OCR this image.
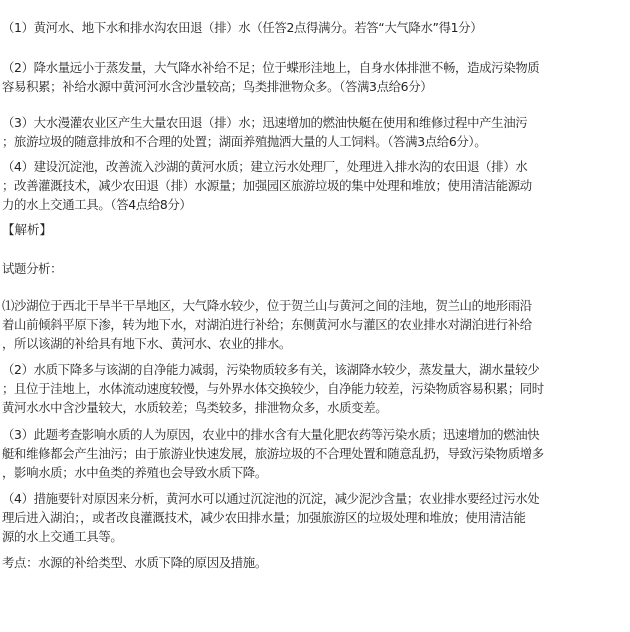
（1）黄河水、地下水和排水沟农田退（排）水（任答2点得满分。若答“大气降水”得1分）
（2）降水量远小于蒸发量，大气降水补给不足；位于蝶形洼地上，自身水体排泄不畅，造成污染物质
容易积累；补给水源中黄河河水含沙量较高；鸟类排泄物众多。（答满3点给6分）
（3）大水漫灌农业区产生大量农田退（排）水；迅速增加的燃油快艇在使用和维修过程中产生油污
；旅游垃圾的随意排放和不合理的处置；湖面养殖抛洒大量的人工饲料。（答满3点给6分）。
（4）建设沉淀池，改善流入沙湖的黄河水质；建立污水处理厂，处理进入排水沟的农田退（排）水
；改善灌溉技术，减少农田退（排）水源量；加强园区旅游垃圾的集中处理和堆放；使用清洁能源动
力的水上交通工具。（答4点给8分）
【解析】
试题分析：
⑴沙湖位于西北干旱半干旱地区，大气降水较少，位于贺兰山与黄河之间的洼地，贺兰山的地形雨沿
着山前倾斜平原下渗，转为地下水，对湖泊进行补给；东侧黄河水与灌区的农业排水对湖泊进行补给
，所以该湖的补给具有地下水、黄河水、农业的排水。
（2）水质下降多与该湖的自净能力减弱，污染物质较多有关，该湖降水较少，蒸发量大，湖水量较少
；且位于洼地上，水体流动速度较慢，与外界水体交换较少，自净能力较差，污染物质容易积累；同时
黄河水水中含沙量较大，水质较差；鸟类较多，排泄物众多，水质变差。
（3）此题考查影响水质的人为原因，农业中的排水含有大量化肥农药等污染水质；迅速增加的燃油快
艇和维修都会产生油污；由于旅游业快速发展，旅游垃圾的不合理处置和随意乱扔，导致污染物质增多
，影响水质；水中鱼类的养殖也会导致水质下降。
（4）措施要针对原因来分析，黄河水可以通过沉淀池的沉淀，减少泥沙含量；农业排水要经过污水处
理后进入湖泊；，或者改良灌溉技术，减少农田排水量；加强旅游区的垃圾处理和堆放；使用清洁能
源的水上交通工具等。
考点：水源的补给类型、水质下降的原因及措施。
